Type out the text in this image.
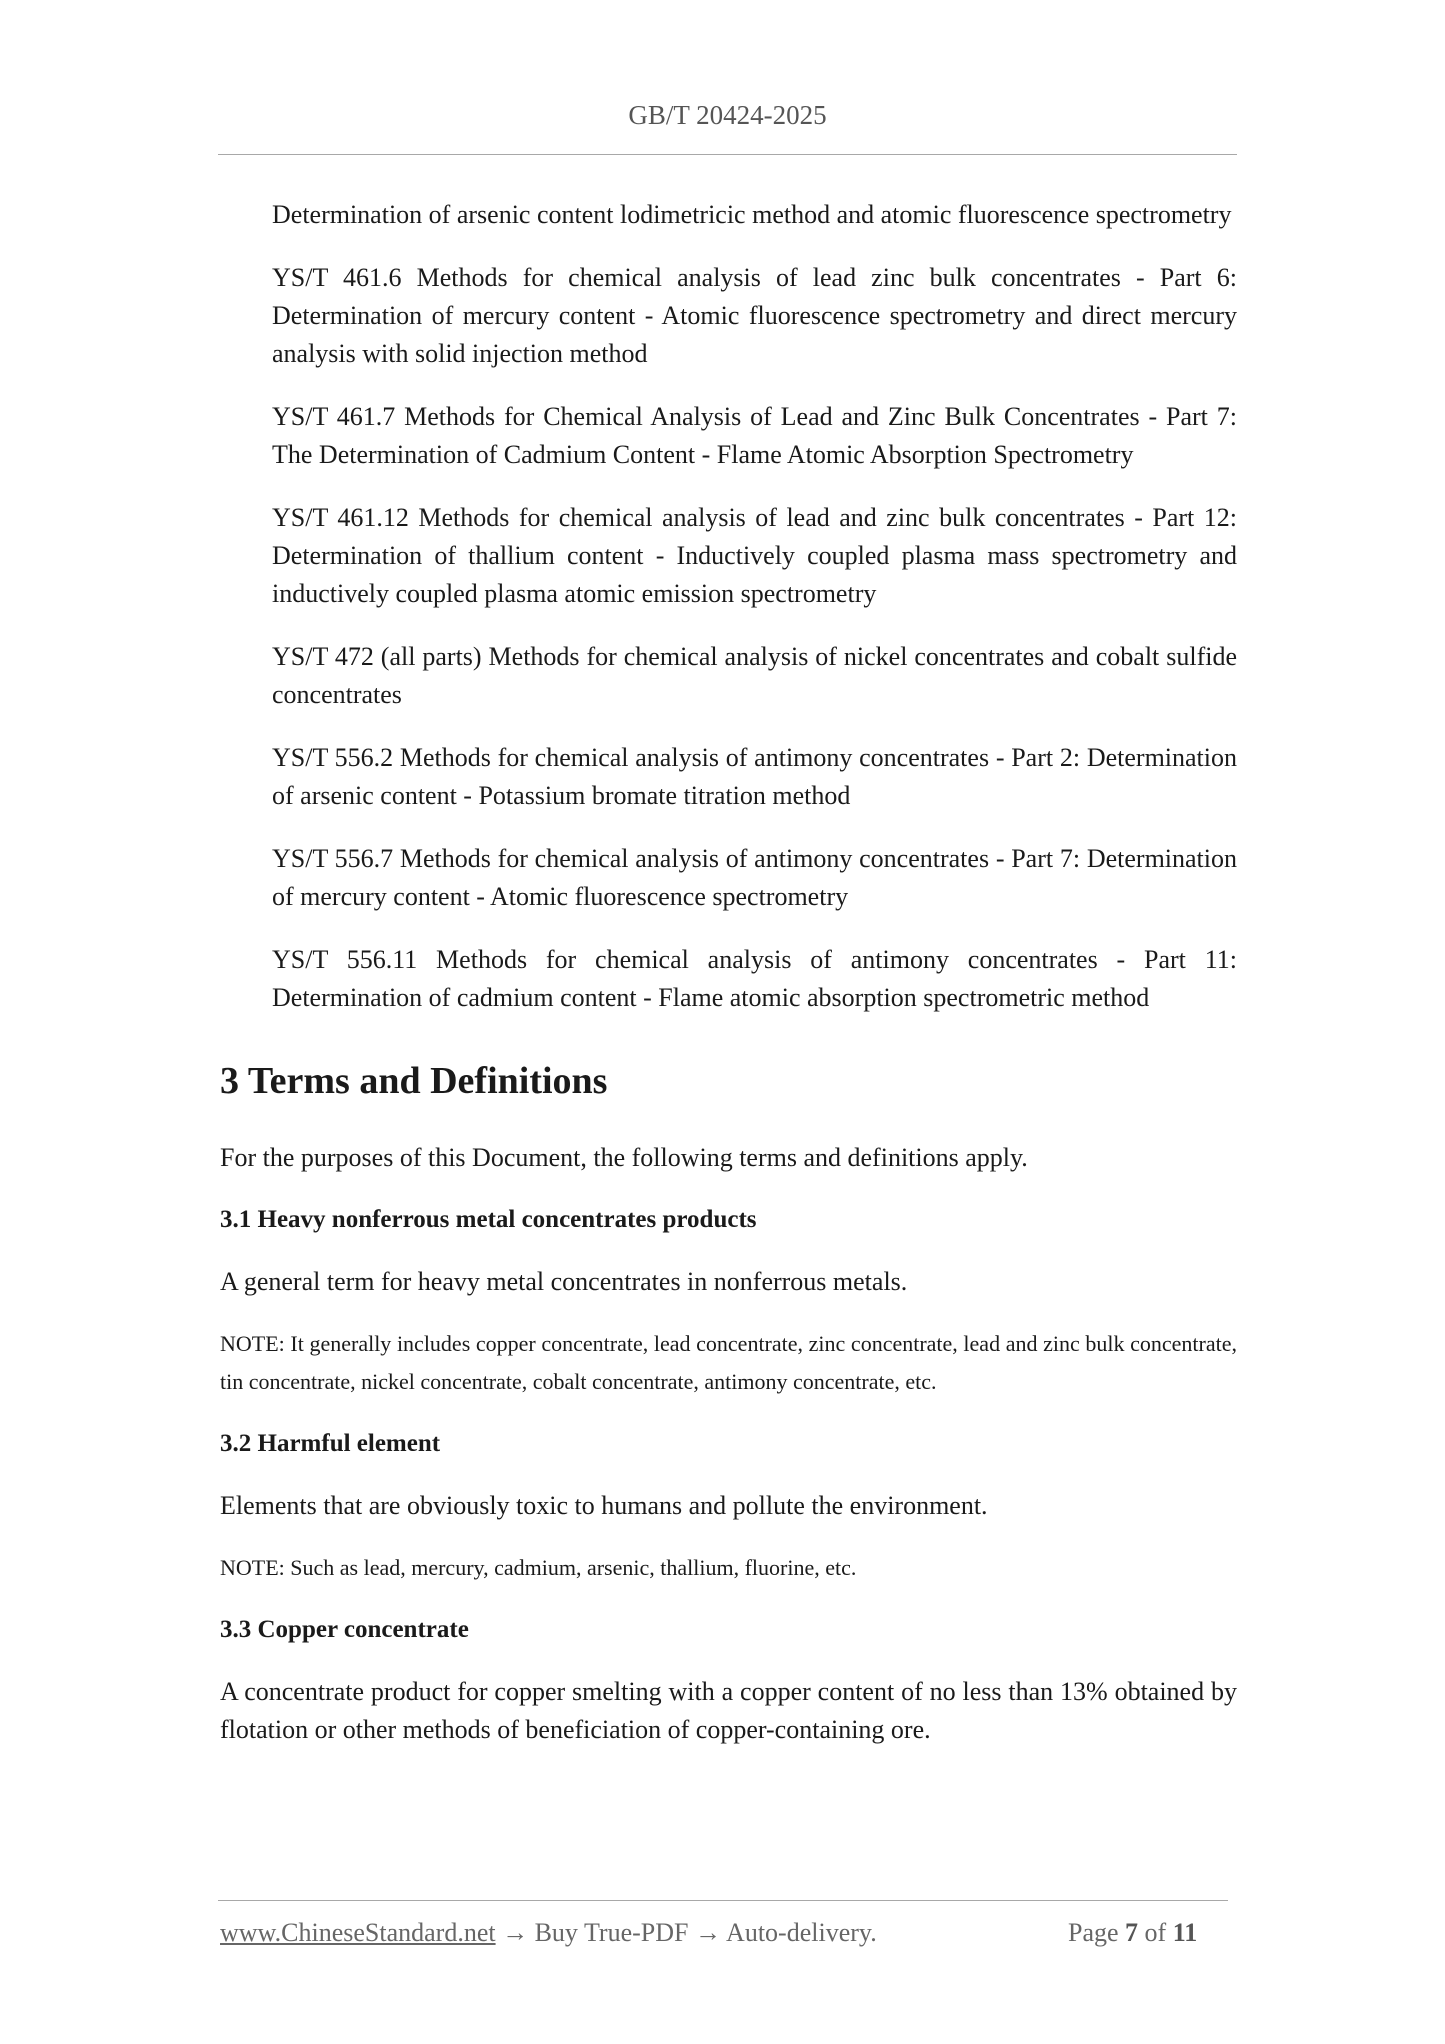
GB/T 20424-2025

Determination of arsenic content lodimetricic method and atomic fluorescence spectrometry

YS/T 461.6 Methods for chemical analysis of lead zinc bulk concentrates - Part 6: Determination of mercury content - Atomic fluorescence spectrometry and direct mercury analysis with solid injection method

YS/T 461.7 Methods for Chemical Analysis of Lead and Zinc Bulk Concentrates - Part 7: The Determination of Cadmium Content - Flame Atomic Absorption Spectrometry

YS/T 461.12 Methods for chemical analysis of lead and zinc bulk concentrates - Part 12: Determination of thallium content - Inductively coupled plasma mass spectrometry and inductively coupled plasma atomic emission spectrometry

YS/T 472 (all parts) Methods for chemical analysis of nickel concentrates and cobalt sulfide concentrates

YS/T 556.2 Methods for chemical analysis of antimony concentrates - Part 2: Determination of arsenic content - Potassium bromate titration method

YS/T 556.7 Methods for chemical analysis of antimony concentrates - Part 7: Determination of mercury content - Atomic fluorescence spectrometry

YS/T 556.11 Methods for chemical analysis of antimony concentrates - Part 11: Determination of cadmium content - Flame atomic absorption spectrometric method

3 Terms and Definitions

For the purposes of this Document, the following terms and definitions apply.

3.1 Heavy nonferrous metal concentrates products

A general term for heavy metal concentrates in nonferrous metals.

NOTE: It generally includes copper concentrate, lead concentrate, zinc concentrate, lead and zinc bulk concentrate, tin concentrate, nickel concentrate, cobalt concentrate, antimony concentrate, etc.

3.2 Harmful element

Elements that are obviously toxic to humans and pollute the environment.

NOTE: Such as lead, mercury, cadmium, arsenic, thallium, fluorine, etc.

3.3 Copper concentrate

A concentrate product for copper smelting with a copper content of no less than 13% obtained by flotation or other methods of beneficiation of copper-containing ore.

www.ChineseStandard.net → Buy True-PDF → Auto-delivery.	Page 7 of 11
